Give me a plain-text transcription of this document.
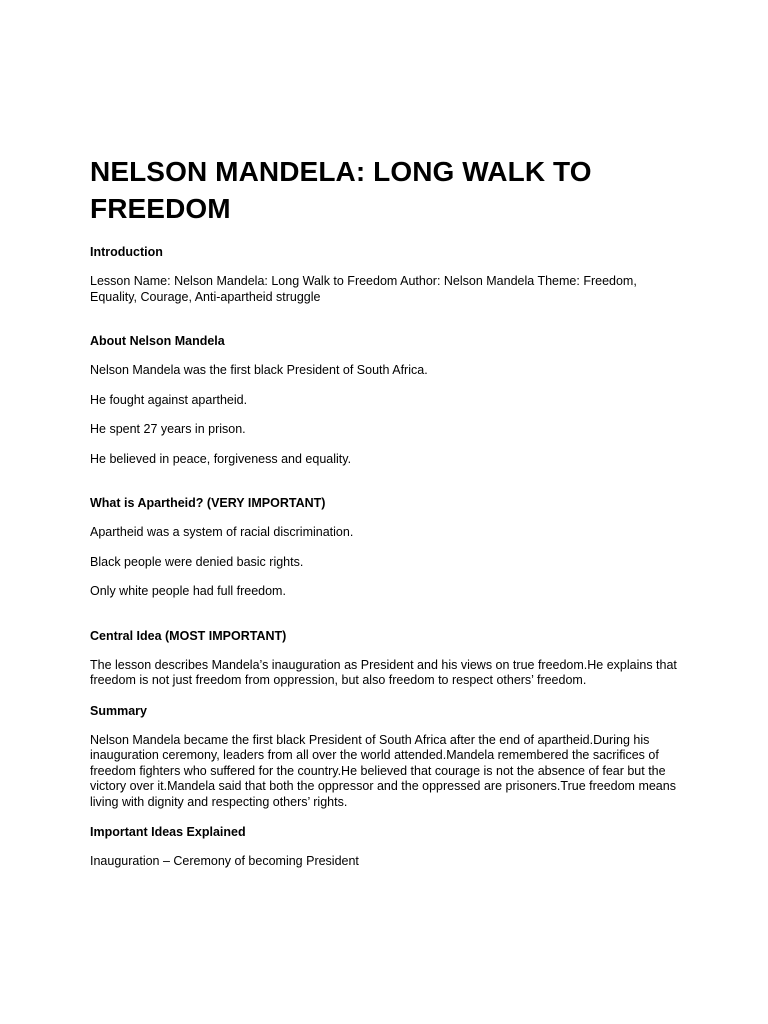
NELSON MANDELA: LONG WALK TO FREEDOM
Introduction

Lesson Name: Nelson Mandela: Long Walk to Freedom Author: Nelson Mandela Theme: Freedom, Equality, Courage, Anti-apartheid struggle

About Nelson Mandela

Nelson Mandela was the first black President of South Africa.

He fought against apartheid.

He spent 27 years in prison.

He believed in peace, forgiveness and equality.

What is Apartheid? (VERY IMPORTANT)

Apartheid was a system of racial discrimination.

Black people were denied basic rights.

Only white people had full freedom.

Central Idea (MOST IMPORTANT)

The lesson describes Mandela’s inauguration as President and his views on true freedom.He explains that freedom is not just freedom from oppression, but also freedom to respect others’ freedom.

Summary

Nelson Mandela became the first black President of South Africa after the end of apartheid.During his inauguration ceremony, leaders from all over the world attended.Mandela remembered the sacrifices of freedom fighters who suffered for the country.He believed that courage is not the absence of fear but the victory over it.Mandela said that both the oppressor and the oppressed are prisoners.True freedom means living with dignity and respecting others’ rights.

Important Ideas Explained

Inauguration – Ceremony of becoming President
